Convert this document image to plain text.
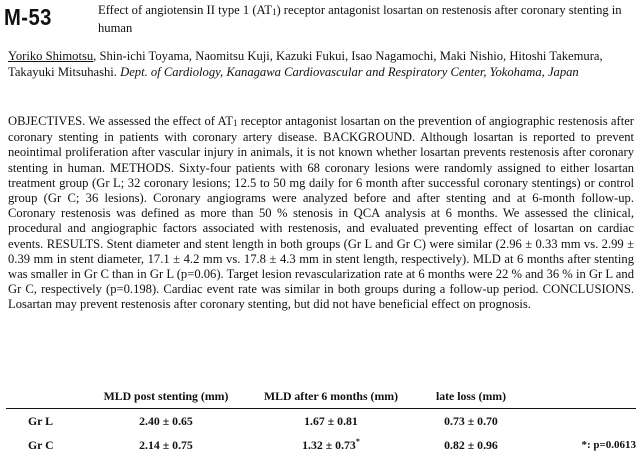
M-53	Effect of angiotensin II type 1 (AT1) receptor antagonist losartan on restenosis after coronary stenting in human
Yoriko Shimotsu, Shin-ichi Toyama, Naomitsu Kuji, Kazuki Fukui, Isao Nagamochi, Maki Nishio, Hitoshi Takemura, Takayuki Mitsuhashi. Dept. of Cardiology, Kanagawa Cardiovascular and Respiratory Center, Yokohama, Japan
OBJECTIVES. We assessed the effect of AT1 receptor antagonist losartan on the prevention of angiographic restenosis after coronary stenting in patients with coronary artery disease. BACKGROUND. Although losartan is reported to prevent neointimal proliferation after vascular injury in animals, it is not known whether losartan prevents restenosis after coronary stenting in human. METHODS. Sixty-four patients with 68 coronary lesions were randomly assigned to either losartan treatment group (Gr L; 32 coronary lesions; 12.5 to 50 mg daily for 6 month after successful coronary stentings) or control group (Gr C; 36 lesions). Coronary angiograms were analyzed before and after stenting and at 6-month follow-up. Coronary restenosis was defined as more than 50 % stenosis in QCA analysis at 6 months. We assessed the clinical, procedural and angiographic factors associated with restenosis, and evaluated preventing effect of losartan on cardiac events. RESULTS. Stent diameter and stent length in both groups (Gr L and Gr C) were similar (2.96 ± 0.33 mm vs. 2.99 ± 0.39 mm in stent diameter, 17.1 ± 4.2 mm vs. 17.8 ± 4.3 mm in stent length, respectively). MLD at 6 months after stenting was smaller in Gr C than in Gr L (p=0.06). Target lesion revascularization rate at 6 months were 22 % and 36 % in Gr L and Gr C, respectively (p=0.198). Cardiac event rate was similar in both groups during a follow-up period. CONCLUSIONS. Losartan may prevent restenosis after coronary stenting, but did not have beneficial effect on prognosis.
	MLD post stenting (mm)	MLD after 6 months (mm)	late loss (mm)	
Gr L	2.40 ± 0.65	1.67 ± 0.81	0.73 ± 0.70	
Gr C	2.14 ± 0.75	1.32 ± 0.73*	0.82 ± 0.96	*: p=0.0613
